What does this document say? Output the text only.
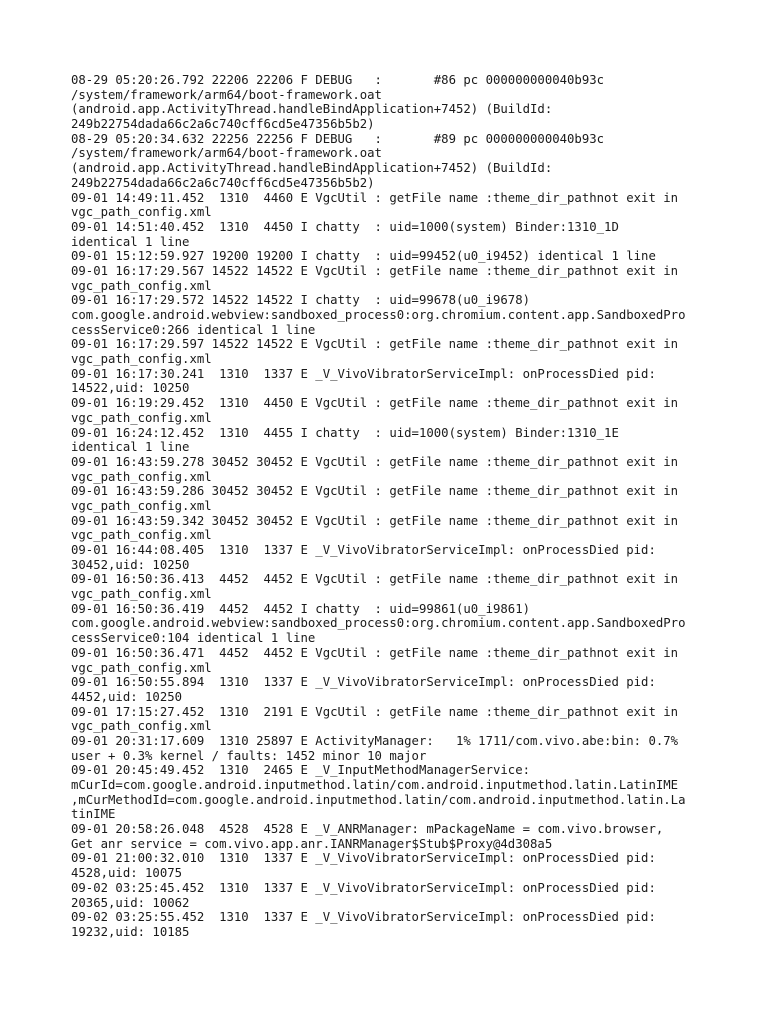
08-29 05:20:26.792 22206 22206 F DEBUG   :       #86 pc 000000000040b93c
/system/framework/arm64/boot-framework.oat
(android.app.ActivityThread.handleBindApplication+7452) (BuildId:
249b22754dada66c2a6c740cff6cd5e47356b5b2)
08-29 05:20:34.632 22256 22256 F DEBUG   :       #89 pc 000000000040b93c
/system/framework/arm64/boot-framework.oat
(android.app.ActivityThread.handleBindApplication+7452) (BuildId:
249b22754dada66c2a6c740cff6cd5e47356b5b2)
09-01 14:49:11.452  1310  4460 E VgcUtil : getFile name :theme_dir_pathnot exit in
vgc_path_config.xml
09-01 14:51:40.452  1310  4450 I chatty  : uid=1000(system) Binder:1310_1D
identical 1 line
09-01 15:12:59.927 19200 19200 I chatty  : uid=99452(u0_i9452) identical 1 line
09-01 16:17:29.567 14522 14522 E VgcUtil : getFile name :theme_dir_pathnot exit in
vgc_path_config.xml
09-01 16:17:29.572 14522 14522 I chatty  : uid=99678(u0_i9678)
com.google.android.webview:sandboxed_process0:org.chromium.content.app.SandboxedPro
cessService0:266 identical 1 line
09-01 16:17:29.597 14522 14522 E VgcUtil : getFile name :theme_dir_pathnot exit in
vgc_path_config.xml
09-01 16:17:30.241  1310  1337 E _V_VivoVibratorServiceImpl: onProcessDied pid:
14522,uid: 10250
09-01 16:19:29.452  1310  4450 E VgcUtil : getFile name :theme_dir_pathnot exit in
vgc_path_config.xml
09-01 16:24:12.452  1310  4455 I chatty  : uid=1000(system) Binder:1310_1E
identical 1 line
09-01 16:43:59.278 30452 30452 E VgcUtil : getFile name :theme_dir_pathnot exit in
vgc_path_config.xml
09-01 16:43:59.286 30452 30452 E VgcUtil : getFile name :theme_dir_pathnot exit in
vgc_path_config.xml
09-01 16:43:59.342 30452 30452 E VgcUtil : getFile name :theme_dir_pathnot exit in
vgc_path_config.xml
09-01 16:44:08.405  1310  1337 E _V_VivoVibratorServiceImpl: onProcessDied pid:
30452,uid: 10250
09-01 16:50:36.413  4452  4452 E VgcUtil : getFile name :theme_dir_pathnot exit in
vgc_path_config.xml
09-01 16:50:36.419  4452  4452 I chatty  : uid=99861(u0_i9861)
com.google.android.webview:sandboxed_process0:org.chromium.content.app.SandboxedPro
cessService0:104 identical 1 line
09-01 16:50:36.471  4452  4452 E VgcUtil : getFile name :theme_dir_pathnot exit in
vgc_path_config.xml
09-01 16:50:55.894  1310  1337 E _V_VivoVibratorServiceImpl: onProcessDied pid:
4452,uid: 10250
09-01 17:15:27.452  1310  2191 E VgcUtil : getFile name :theme_dir_pathnot exit in
vgc_path_config.xml
09-01 20:31:17.609  1310 25897 E ActivityManager:   1% 1711/com.vivo.abe:bin: 0.7%
user + 0.3% kernel / faults: 1452 minor 10 major
09-01 20:45:49.452  1310  2465 E _V_InputMethodManagerService:
mCurId=com.google.android.inputmethod.latin/com.android.inputmethod.latin.LatinIME
,mCurMethodId=com.google.android.inputmethod.latin/com.android.inputmethod.latin.La
tinIME
09-01 20:58:26.048  4528  4528 E _V_ANRManager: mPackageName = com.vivo.browser,
Get anr service = com.vivo.app.anr.IANRManager$Stub$Proxy@4d308a5
09-01 21:00:32.010  1310  1337 E _V_VivoVibratorServiceImpl: onProcessDied pid:
4528,uid: 10075
09-02 03:25:45.452  1310  1337 E _V_VivoVibratorServiceImpl: onProcessDied pid:
20365,uid: 10062
09-02 03:25:55.452  1310  1337 E _V_VivoVibratorServiceImpl: onProcessDied pid:
19232,uid: 10185
